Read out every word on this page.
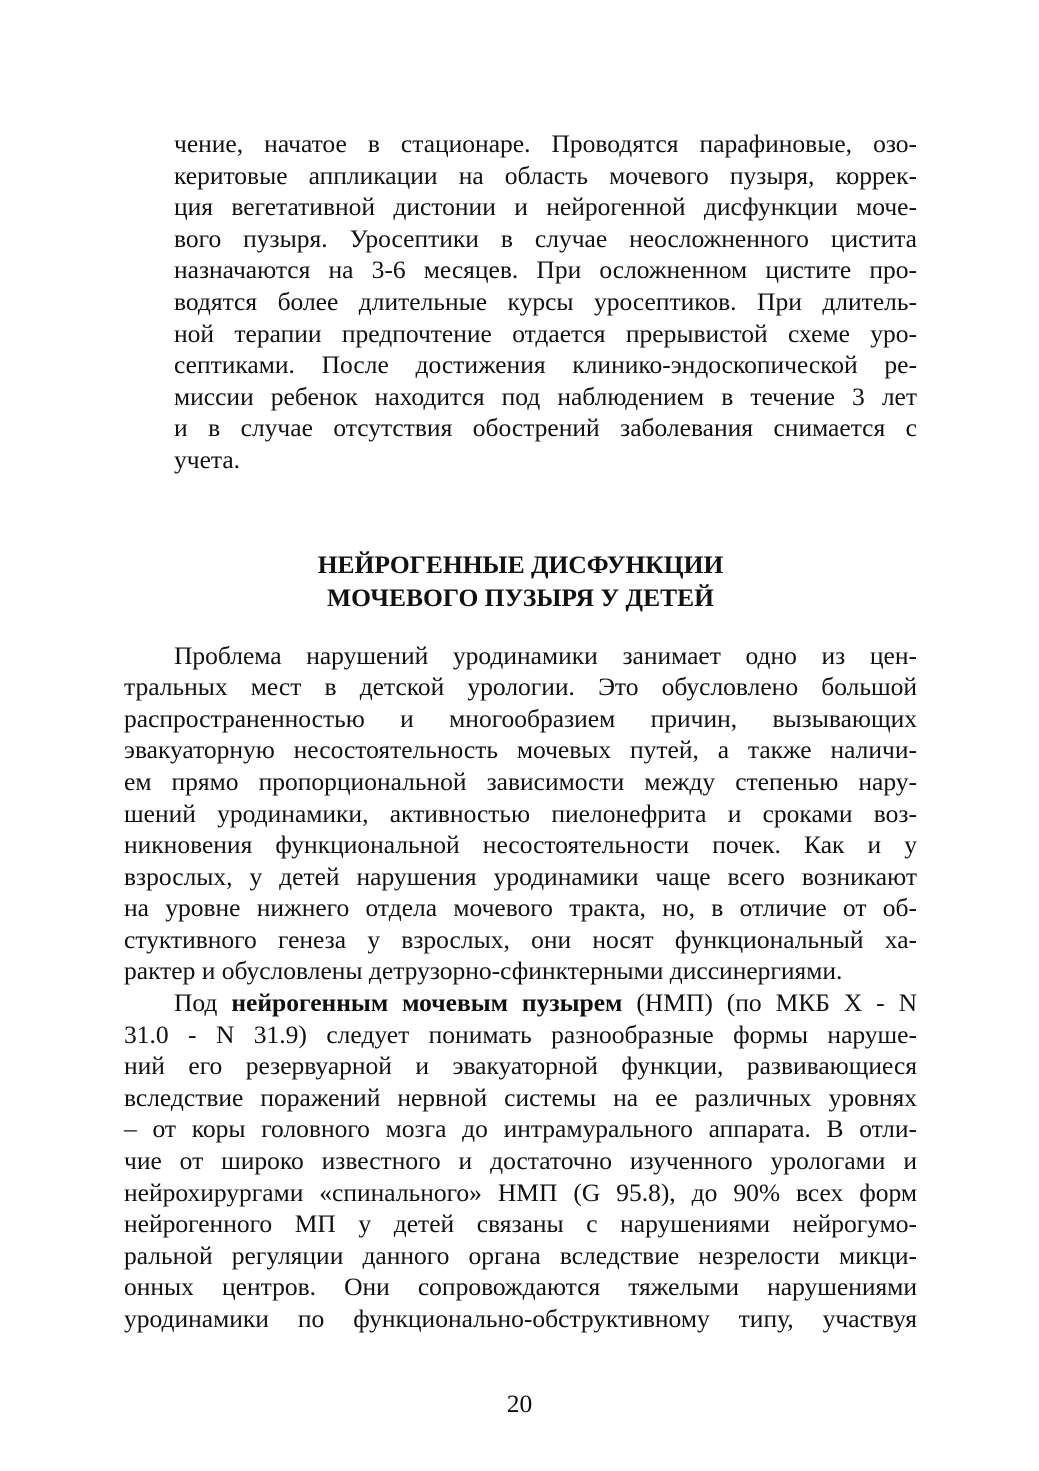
чение, начатое в стационаре. Проводятся парафиновые, озо-

керитовые аппликации на область мочевого пузыря, коррек-

ция вегетативной дистонии и нейрогенной дисфункции моче-

вого пузыря. Уросептики в случае неосложненного цистита

назначаются на 3-6 месяцев. При осложненном цистите про-

водятся более длительные курсы уросептиков. При длитель-

ной терапии предпочтение отдается прерывистой схеме уро-

септиками. После достижения клинико-эндоскопической ре-

миссии ребенок находится под наблюдением в течение 3 лет

и в случае отсутствия обострений заболевания снимается с

учета.

НЕЙРОГЕННЫЕ ДИСФУНКЦИИ
МОЧЕВОГО ПУЗЫРЯ У ДЕТЕЙ

Проблема нарушений уродинамики занимает одно из цен-

тральных мест в детской урологии. Это обусловлено большой

распространенностью и многообразием причин, вызывающих

эвакуаторную несостоятельность мочевых путей, а также наличи-

ем прямо пропорциональной зависимости между степенью нару-

шений уродинамики, активностью пиелонефрита и сроками воз-

никновения функциональной несостоятельности почек. Как и у

взрослых, у детей нарушения уродинамики чаще всего возникают

на уровне нижнего отдела мочевого тракта, но, в отличие от об-

стуктивного генеза у взрослых, они носят функциональный ха-

рактер и обусловлены детрузорно-сфинктерными диссинергиями.

Под нейрогенным мочевым пузырем (НМП) (по МКБ X - N

31.0 - N 31.9) следует понимать разнообразные формы наруше-

ний его резервуарной и эвакуаторной функции, развивающиеся

вследствие поражений нервной системы на ее различных уровнях

– от коры головного мозга до интрамурального аппарата. В отли-

чие от широко известного и достаточно изученного урологами и

нейрохирургами «спинального» НМП (G 95.8), до 90% всех форм

нейрогенного МП у детей связаны с нарушениями нейрогумо-

ральной регуляции данного органа вследствие незрелости микци-

онных центров. Они сопровождаются тяжелыми нарушениями

уродинамики по функционально-обструктивному типу, участвуя

20
